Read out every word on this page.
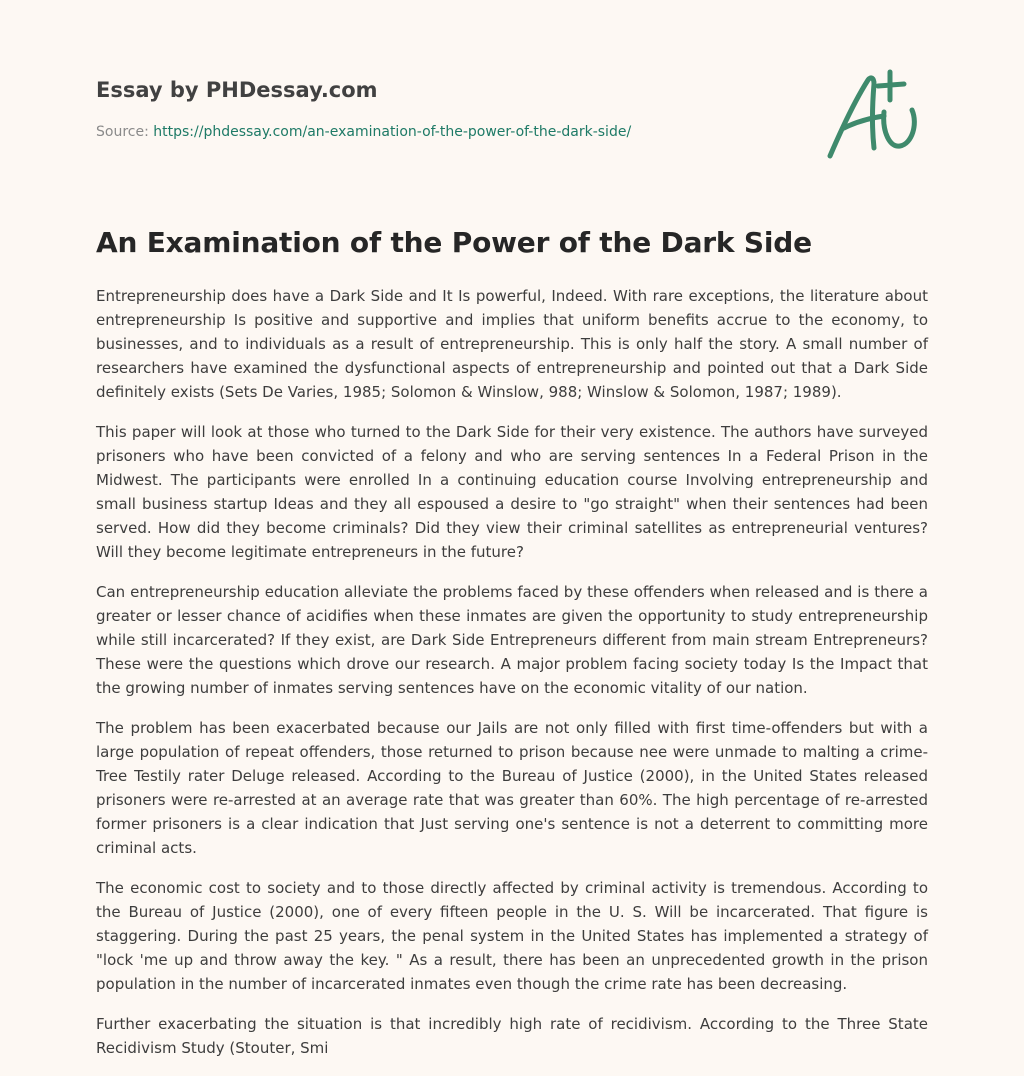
Essay by PHDessay.com
Source: https://phdessay.com/an-examination-of-the-power-of-the-dark-side/
An Examination of the Power of the Dark Side

Entrepreneurship does have a Dark Side and It Is powerful, Indeed. With rare exceptions, the literature about entrepreneurship Is positive and supportive and implies that uniform benefits accrue to the economy, to businesses, and to individuals as a result of entrepreneurship. This is only half the story. A small number of researchers have examined the dysfunctional aspects of entrepreneurship and pointed out that a Dark Side definitely exists (Sets De Varies, 1985; Solomon & Winslow, 988; Winslow & Solomon, 1987; 1989).

This paper will look at those who turned to the Dark Side for their very existence. The authors have surveyed prisoners who have been convicted of a felony and who are serving sentences In a Federal Prison in the Midwest. The participants were enrolled In a continuing education course Involving entrepreneurship and small business startup Ideas and they all espoused a desire to "go straight" when their sentences had been served. How did they become criminals? Did they view their criminal satellites as entrepreneurial ventures? Will they become legitimate entrepreneurs in the future?

Can entrepreneurship education alleviate the problems faced by these offenders when released and is there a greater or lesser chance of acidifies when these inmates are given the opportunity to study entrepreneurship while still incarcerated? If they exist, are Dark Side Entrepreneurs different from main stream Entrepreneurs? These were the questions which drove our research. A major problem facing society today Is the Impact that the growing number of inmates serving sentences have on the economic vitality of our nation.

The problem has been exacerbated because our Jails are not only filled with first time-offenders but with a large population of repeat offenders, those returned to prison because nee were unmade to malting a crime-Tree Testily rater Deluge released. According to the Bureau of Justice (2000), in the United States released prisoners were re-arrested at an average rate that was greater than 60%. The high percentage of re-arrested former prisoners is a clear indication that Just serving one's sentence is not a deterrent to committing more criminal acts.

The economic cost to society and to those directly affected by criminal activity is tremendous. According to the Bureau of Justice (2000), one of every fifteen people in the U. S. Will be incarcerated. That figure is staggering. During the past 25 years, the penal system in the United States has implemented a strategy of "lock 'me up and throw away the key. " As a result, there has been an unprecedented growth in the prison population in the number of incarcerated inmates even though the crime rate has been decreasing.

Further exacerbating the situation is that incredibly high rate of recidivism. According to the Three State Recidivism Study (Stouter, Smi
